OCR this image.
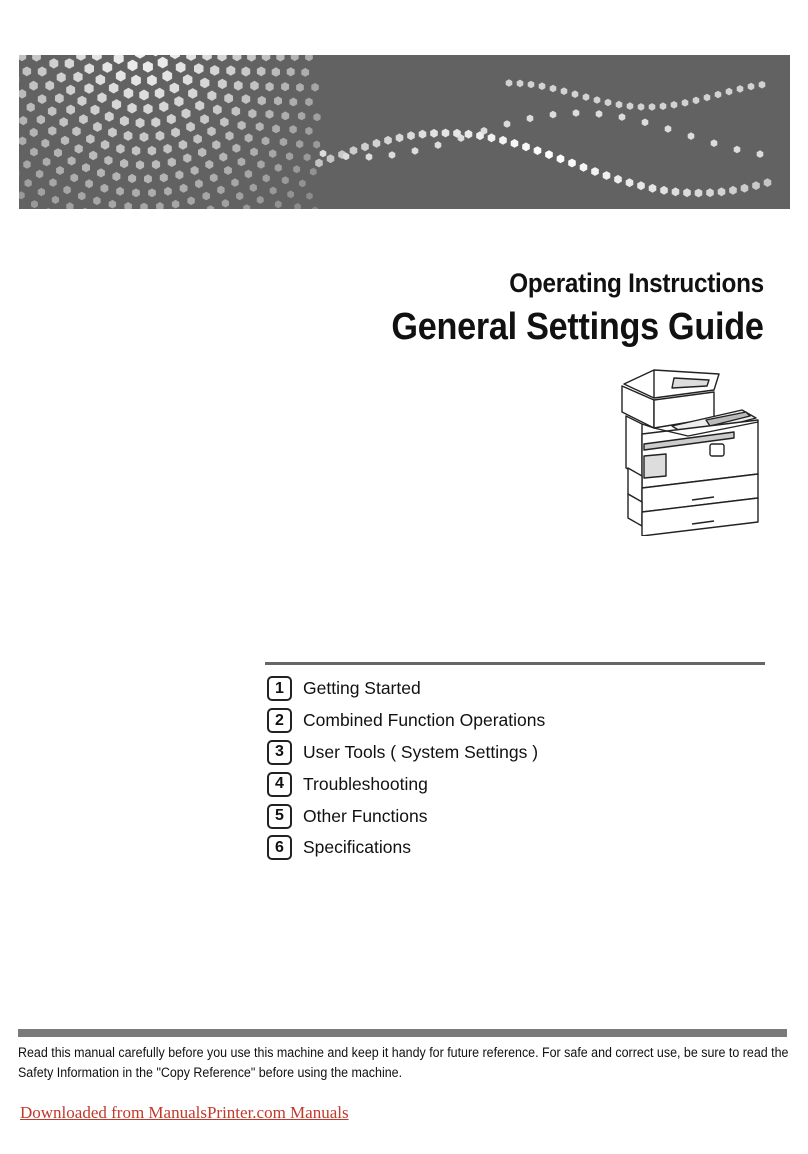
Operating Instructions
General Settings Guide
1	Getting Started
2	Combined Function Operations
3	User Tools ( System Settings )
4	Troubleshooting
5	Other Functions
6	Specifications
Read this manual carefully before you use this machine and keep it handy for future reference. For safe and correct use, be sure to read the
Safety Information in the "Copy Reference" before using the machine.
Downloaded from ManualsPrinter.com Manuals
